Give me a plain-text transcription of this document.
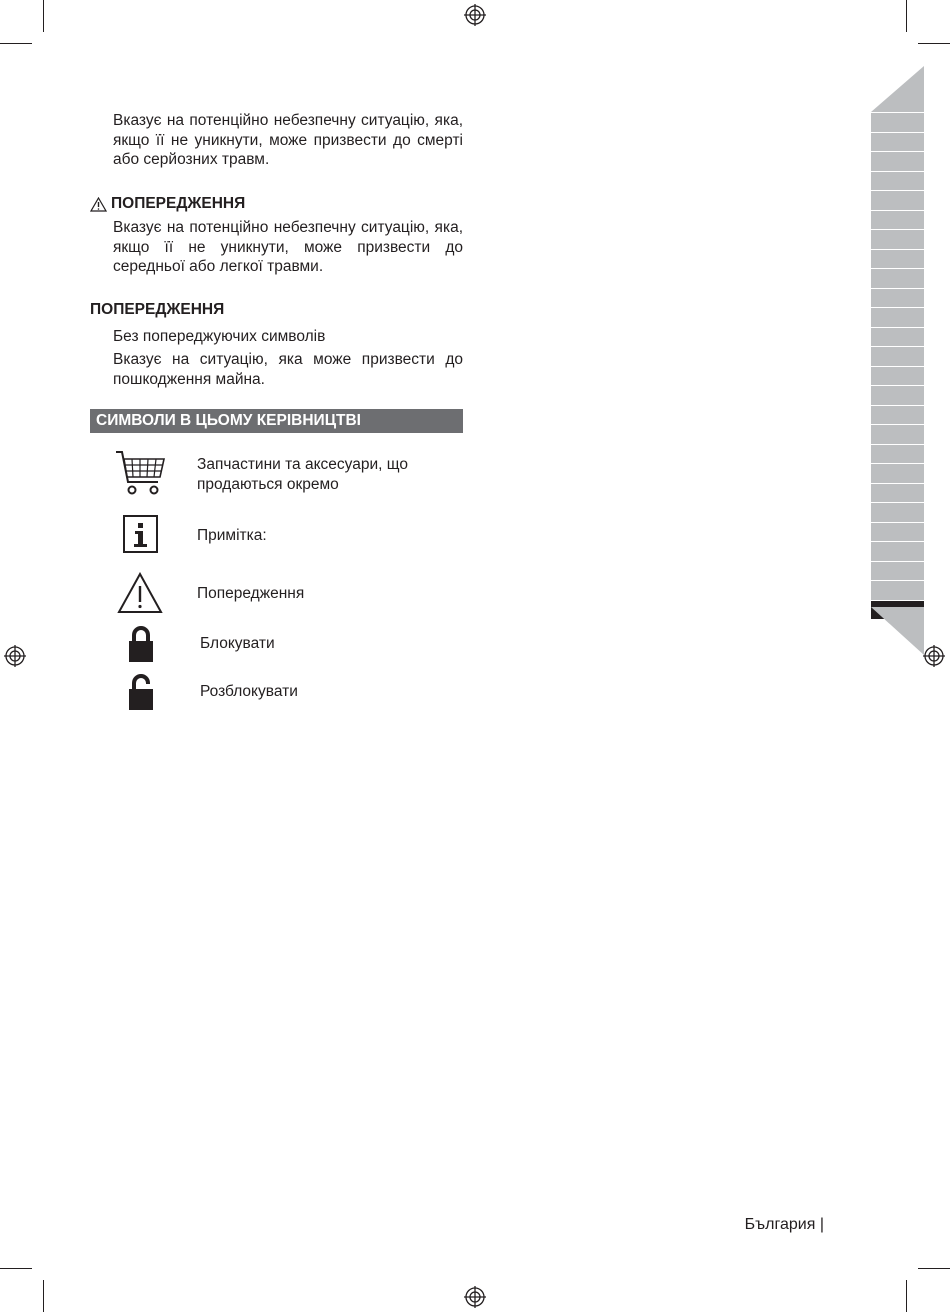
Вказує на потенційно небезпечну ситуацію, яка, якщо її не уникнути, може призвести до смерті або серйозних травм.

ПОПЕРЕДЖЕННЯ

Вказує на потенційно небезпечну ситуацію, яка, якщо її не уникнути, може призвести до середньої або легкої травми.

ПОПЕРЕДЖЕННЯ

Без попереджуючих символів

Вказує на ситуацію, яка може призвести до пошкодження майна.

СИМВОЛИ В ЦЬОМУ КЕРІВНИЦТВІ
Запчастини та аксесуари, що продаються окремо
Примітка:
Попередження
Блокувати
Розблокувати
България |
